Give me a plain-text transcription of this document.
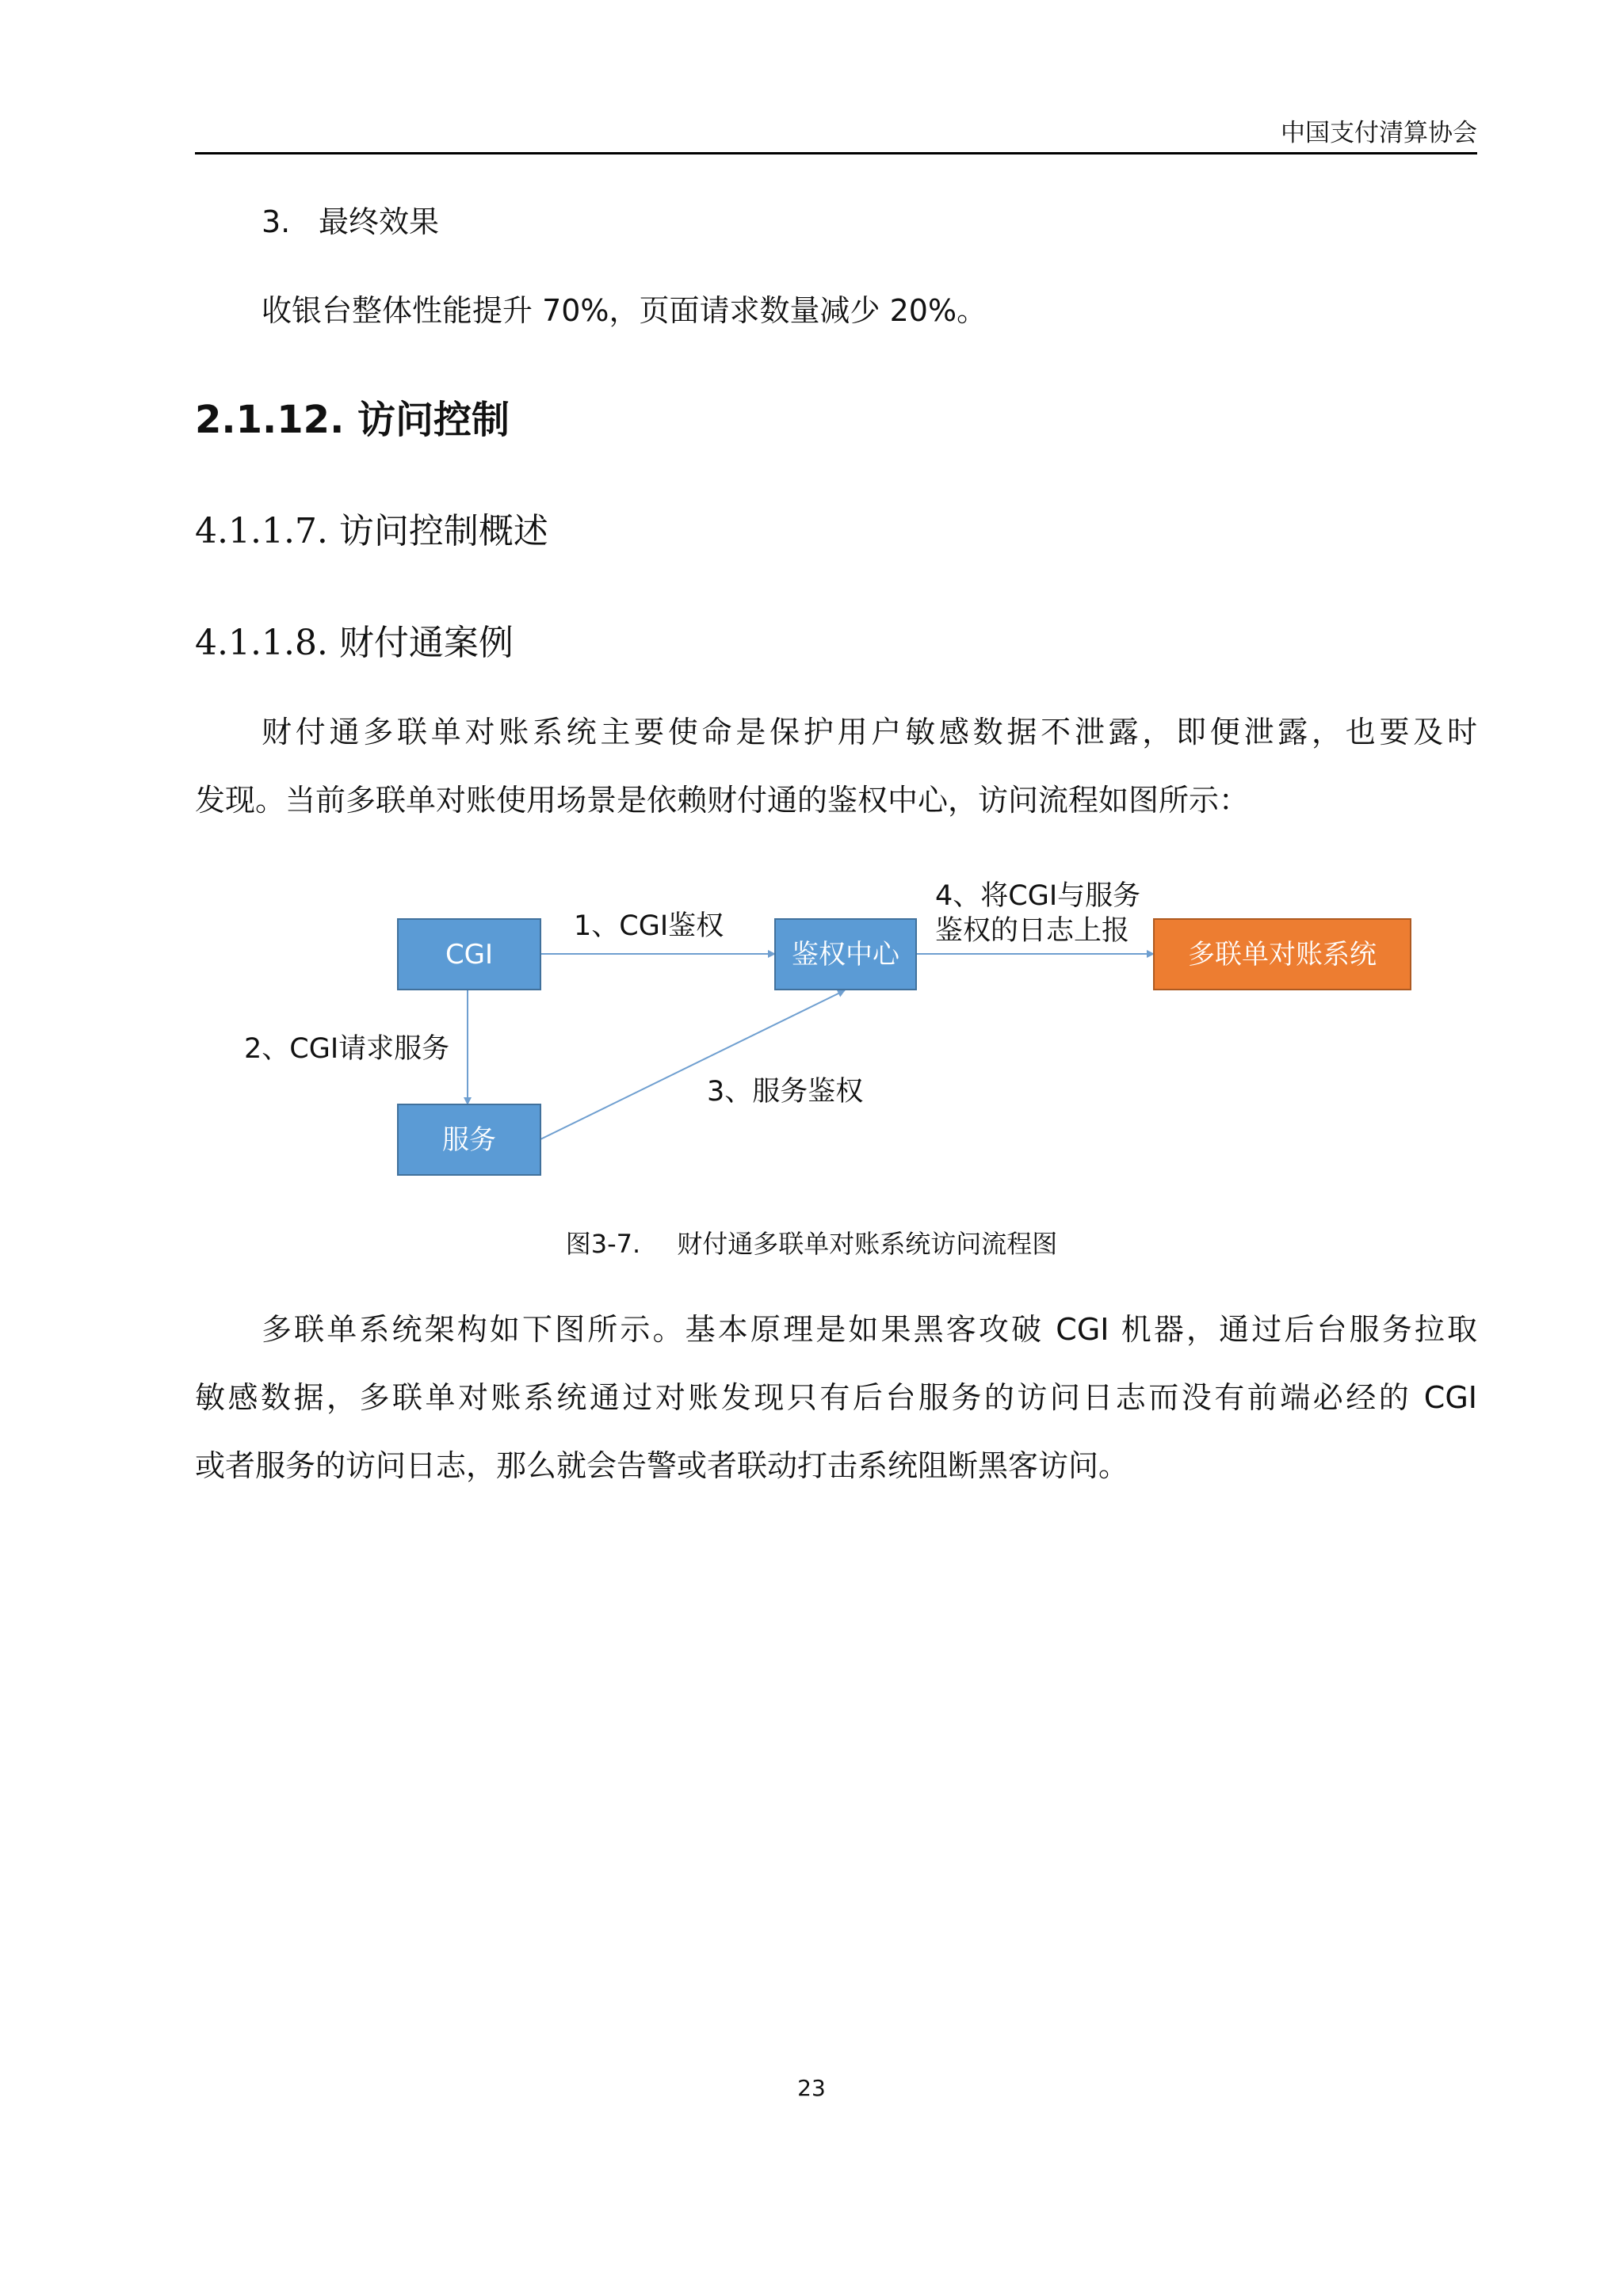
中国支付清算协会
3. 最终效果
收银台整体性能提升 70%，页面请求数量减少 20%。
2.1.12. 访问控制
4.1.1.7. 访问控制概述
4.1.1.8. 财付通案例
财付通多联单对账系统主要使命是保护用户敏感数据不泄露，即便泄露，也要及时
发现。当前多联单对账使用场景是依赖财付通的鉴权中心，访问流程如图所示：
CGI	鉴权中心
服务
多联单对账系统
1、CGI鉴权
2、CGI请求服务
3、服务鉴权
4、将CGI与服务
鉴权的日志上报
图3-7. 财付通多联单对账系统访问流程图
多联单系统架构如下图所示。基本原理是如果黑客攻破 CGI 机器，通过后台服务拉取
敏感数据，多联单对账系统通过对账发现只有后台服务的访问日志而没有前端必经的 CGI
或者服务的访问日志，那么就会告警或者联动打击系统阻断黑客访问。
23
